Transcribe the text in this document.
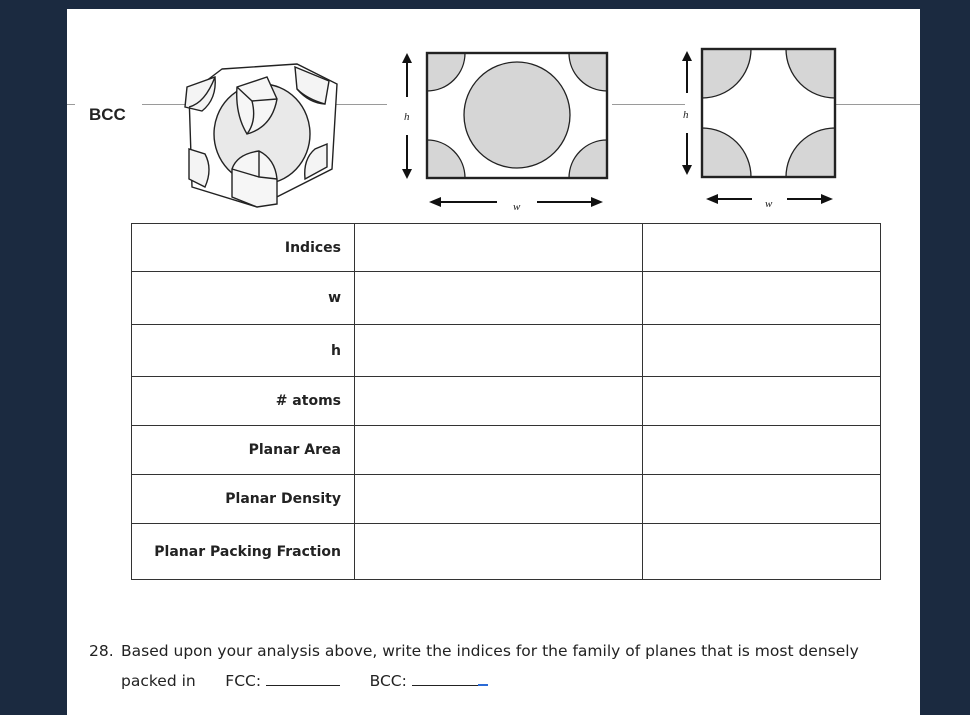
BCC	h
w
h
w
Indices		
w		
h		
# atoms		
Planar Area		
Planar Density		
Planar Packing Fraction		
28. Based upon your analysis above, write the indices for the family of planes that is most densely packed in FCC:	BCC:
